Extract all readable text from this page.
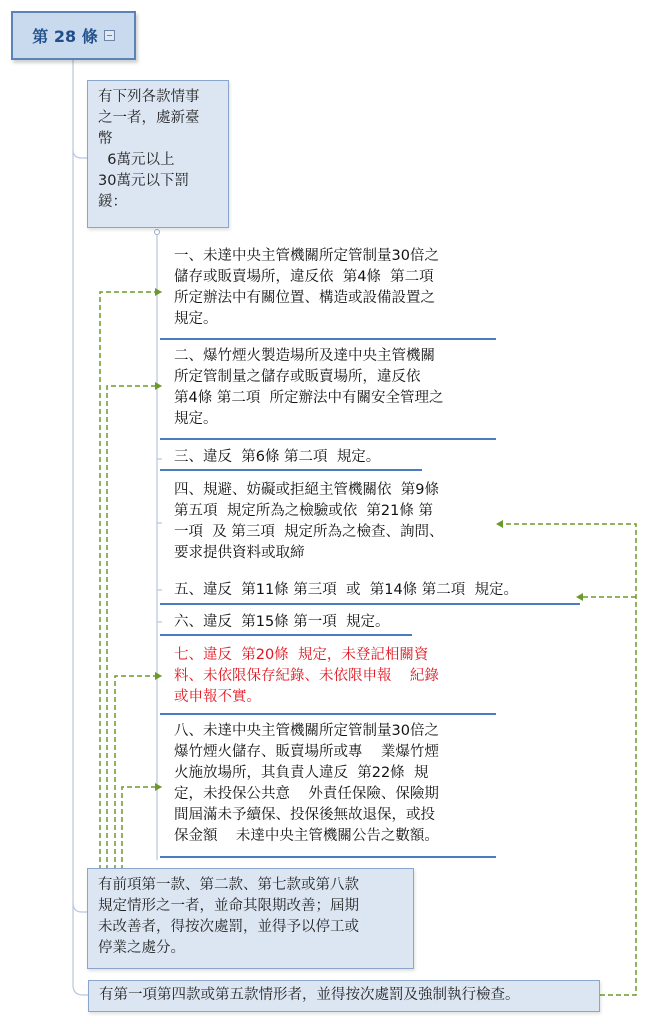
第 28 條
有下列各款情事
之一者，處新臺
幣
6萬元以上
30萬元以下罰
鍰：
一、未達中央主管機關所定管制量30倍之
儲存或販賣場所，違反依  第4條  第二項
所定辦法中有關位置、構造或設備設置之
規定。
二、爆竹煙火製造場所及達中央主管機關
所定管制量之儲存或販賣場所，違反依
第4條 第二項  所定辦法中有關安全管理之
規定。
三、違反  第6條 第二項  規定。
四、規避、妨礙或拒絕主管機關依  第9條
第五項  規定所為之檢驗或依  第21條 第
一項  及 第三項  規定所為之檢查、詢問、
要求提供資料或取締
五、違反  第11條 第三項  或  第14條 第二項  規定。
六、違反  第15條 第一項  規定。
七、違反  第20條  規定，未登記相關資
料、未依限保存紀錄、未依限申報    紀錄
或申報不實。
八、未達中央主管機關所定管制量30倍之
爆竹煙火儲存、販賣場所或專    業爆竹煙
火施放場所，其負責人違反  第22條  規
定，未投保公共意    外責任保險、保險期
間屆滿未予續保、投保後無故退保，或投
保金額    未達中央主管機關公告之數額。
有前項第一款、第二款、第七款或第八款
規定情形之一者，並命其限期改善；屆期
未改善者，得按次處罰，並得予以停工或
停業之處分。
有第一項第四款或第五款情形者，並得按次處罰及強制執行檢查。
